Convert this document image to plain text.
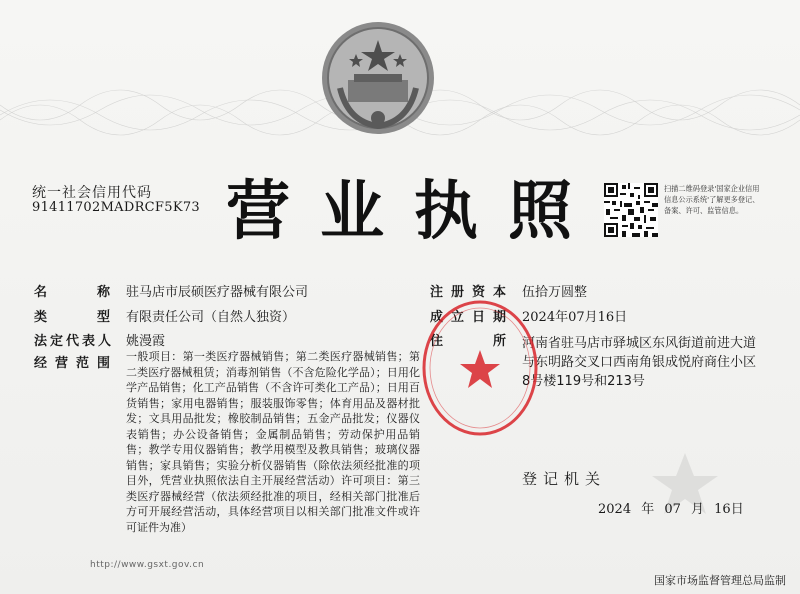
统一社会信用代码
91411702MADRCF5K73 营业执照	扫描二维码登录'国家企业信用信息公示系统'了解更多登记、备案、许可、监管信息。
名	称 驻马店市辰硕医疗器械有限公司
类	型 有限责任公司（自然人独资）
法定代表人 姚漫霞
经 营 范 围 一般项目：第一类医疗器械销售；第二类医疗器械销售；第二类医疗器械租赁；消毒剂销售（不含危险化学品）；日用化学产品销售；化工产品销售（不含许可类化工产品）；日用百货销售；家用电器销售；服装服饰零售；体育用品及器材批发；文具用品批发；橡胶制品销售；五金产品批发；仪器仪表销售；办公设备销售；金属制品销售；劳动保护用品销售；教学专用仪器销售；教学用模型及教具销售；玻璃仪器销售；家具销售；实验分析仪器销售（除依法须经批准的项目外，凭营业执照依法自主开展经营活动）许可项目：第三类医疗器械经营（依法须经批准的项目，经相关部门批准后方可开展经营活动，具体经营项目以相关部门批准文件或许可证件为准）
注 册 资 本 伍拾万圆整
成 立 日 期 2024年07月16日
住	所 河南省驻马店市驿城区东风街道前进大道与东明路交叉口西南角银成悦府商住小区8号楼119号和213号
登记机关
2024 年 07 月 16日
http://www.gsxt.gov.cn
国家市场监督管理总局监制
